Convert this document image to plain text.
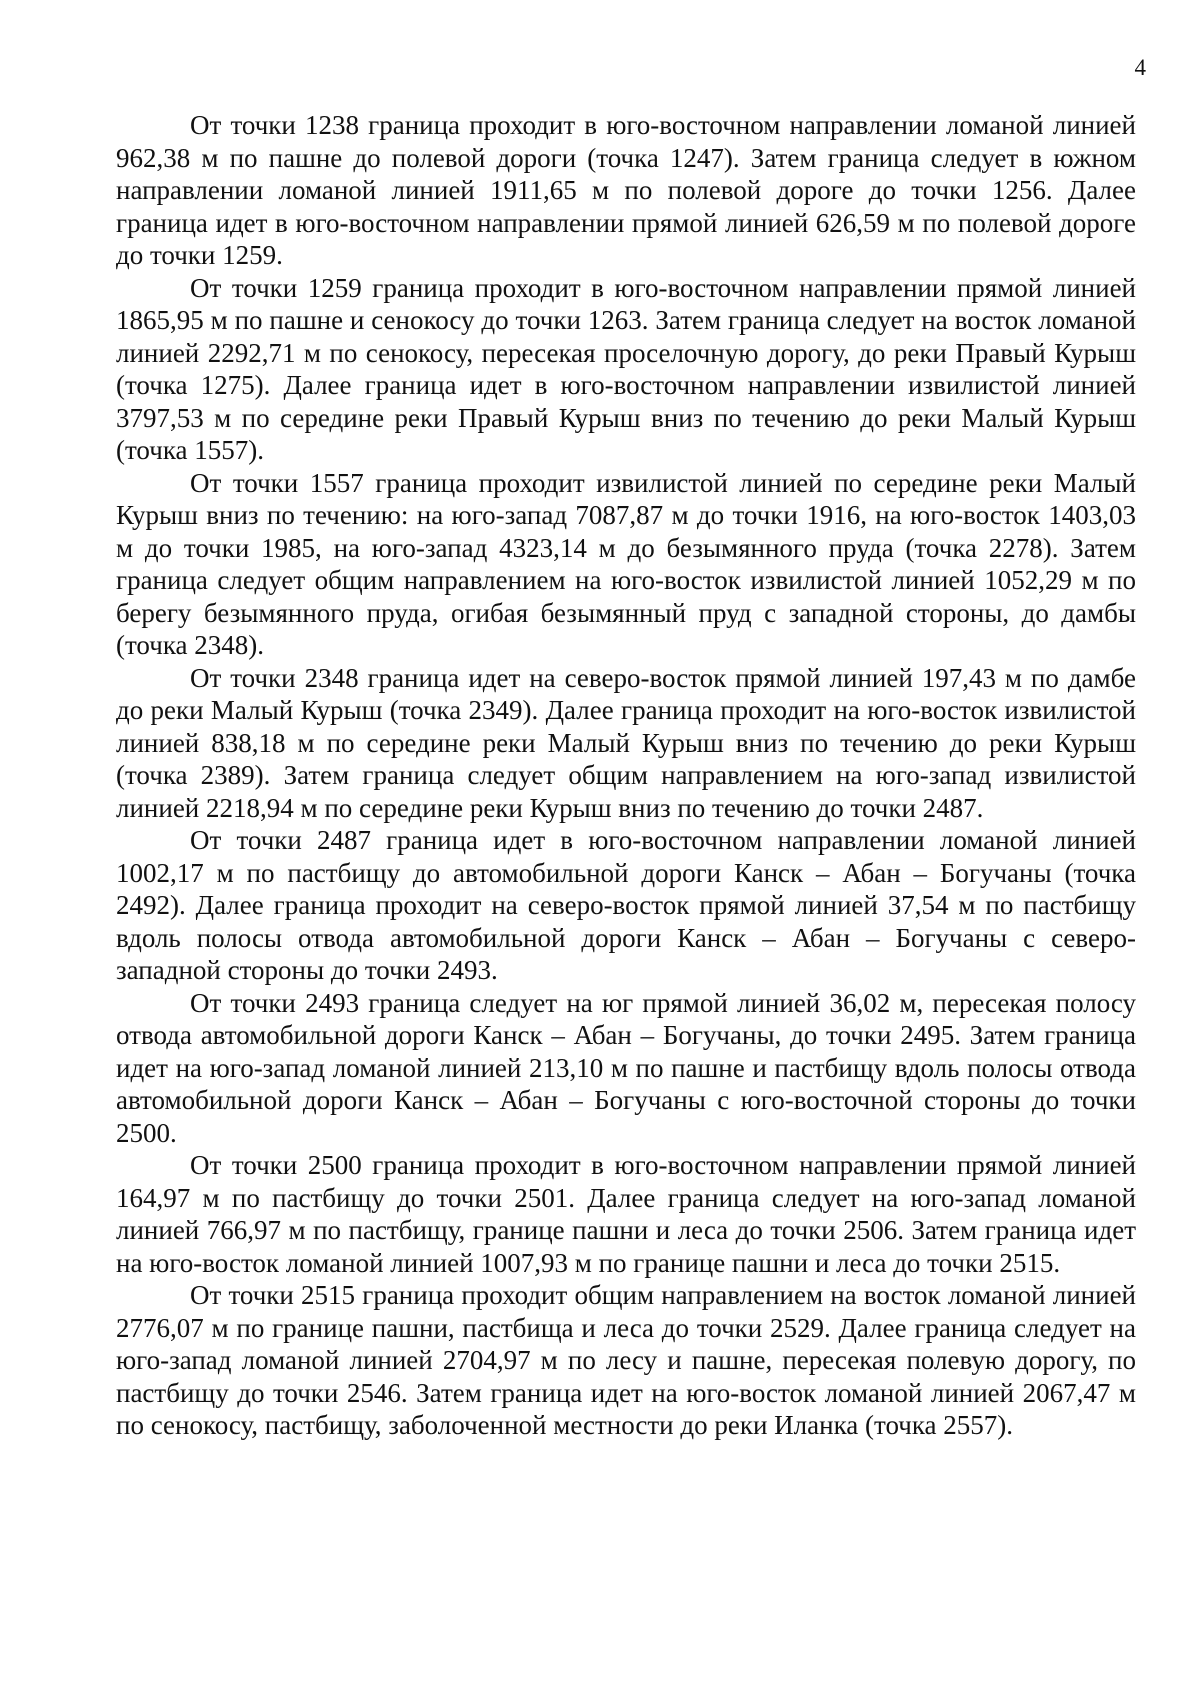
4

От точки 1238 граница проходит в юго-восточном направлении ломаной линией 962,38 м по пашне до полевой дороги (точка 1247). Затем граница следует в южном направлении ломаной линией 1911,65 м по полевой дороге до точки 1256. Далее граница идет в юго-восточном направлении прямой линией 626,59 м по полевой дороге до точки 1259.

От точки 1259 граница проходит в юго-восточном направлении прямой линией 1865,95 м по пашне и сенокосу до точки 1263. Затем граница следует на восток ломаной линией 2292,71 м по сенокосу, пересекая проселочную дорогу, до реки Правый Курыш (точка 1275). Далее граница идет в юго-восточном направлении извилистой линией 3797,53 м по середине реки Правый Курыш вниз по течению до реки Малый Курыш (точка 1557).

От точки 1557 граница проходит извилистой линией по середине реки Малый Курыш вниз по течению: на юго-запад 7087,87 м до точки 1916, на юго-восток 1403,03 м до точки 1985, на юго-запад 4323,14 м до безымянного пруда (точка 2278). Затем граница следует общим направлением на юго-восток извилистой линией 1052,29 м по берегу безымянного пруда, огибая безымянный пруд с западной стороны, до дамбы (точка 2348).

От точки 2348 граница идет на северо-восток прямой линией 197,43 м по дамбе до реки Малый Курыш (точка 2349). Далее граница проходит на юго-восток извилистой линией 838,18 м по середине реки Малый Курыш вниз по течению до реки Курыш (точка 2389). Затем граница следует общим направлением на юго-запад извилистой линией 2218,94 м по середине реки Курыш вниз по течению до точки 2487.

От точки 2487 граница идет в юго-восточном направлении ломаной линией 1002,17 м по пастбищу до автомобильной дороги Канск – Абан – Богучаны (точка 2492). Далее граница проходит на северо-восток прямой линией 37,54 м по пастбищу вдоль полосы отвода автомобильной дороги Канск – Абан – Богучаны с северо-западной стороны до точки 2493.

От точки 2493 граница следует на юг прямой линией 36,02 м, пересекая полосу отвода автомобильной дороги Канск – Абан – Богучаны, до точки 2495. Затем граница идет на юго-запад ломаной линией 213,10 м по пашне и пастбищу вдоль полосы отвода автомобильной дороги Канск – Абан – Богучаны с юго-восточной стороны до точки 2500.

От точки 2500 граница проходит в юго-восточном направлении прямой линией 164,97 м по пастбищу до точки 2501. Далее граница следует на юго-запад ломаной линией 766,97 м по пастбищу, границе пашни и леса до точки 2506. Затем граница идет на юго-восток ломаной линией 1007,93 м по границе пашни и леса до точки 2515.

От точки 2515 граница проходит общим направлением на восток ломаной линией 2776,07 м по границе пашни, пастбища и леса до точки 2529. Далее граница следует на юго-запад ломаной линией 2704,97 м по лесу и пашне, пересекая полевую дорогу, по пастбищу до точки 2546. Затем граница идет на юго-восток ломаной линией 2067,47 м по сенокосу, пастбищу, заболоченной местности до реки Иланка (точка 2557).
